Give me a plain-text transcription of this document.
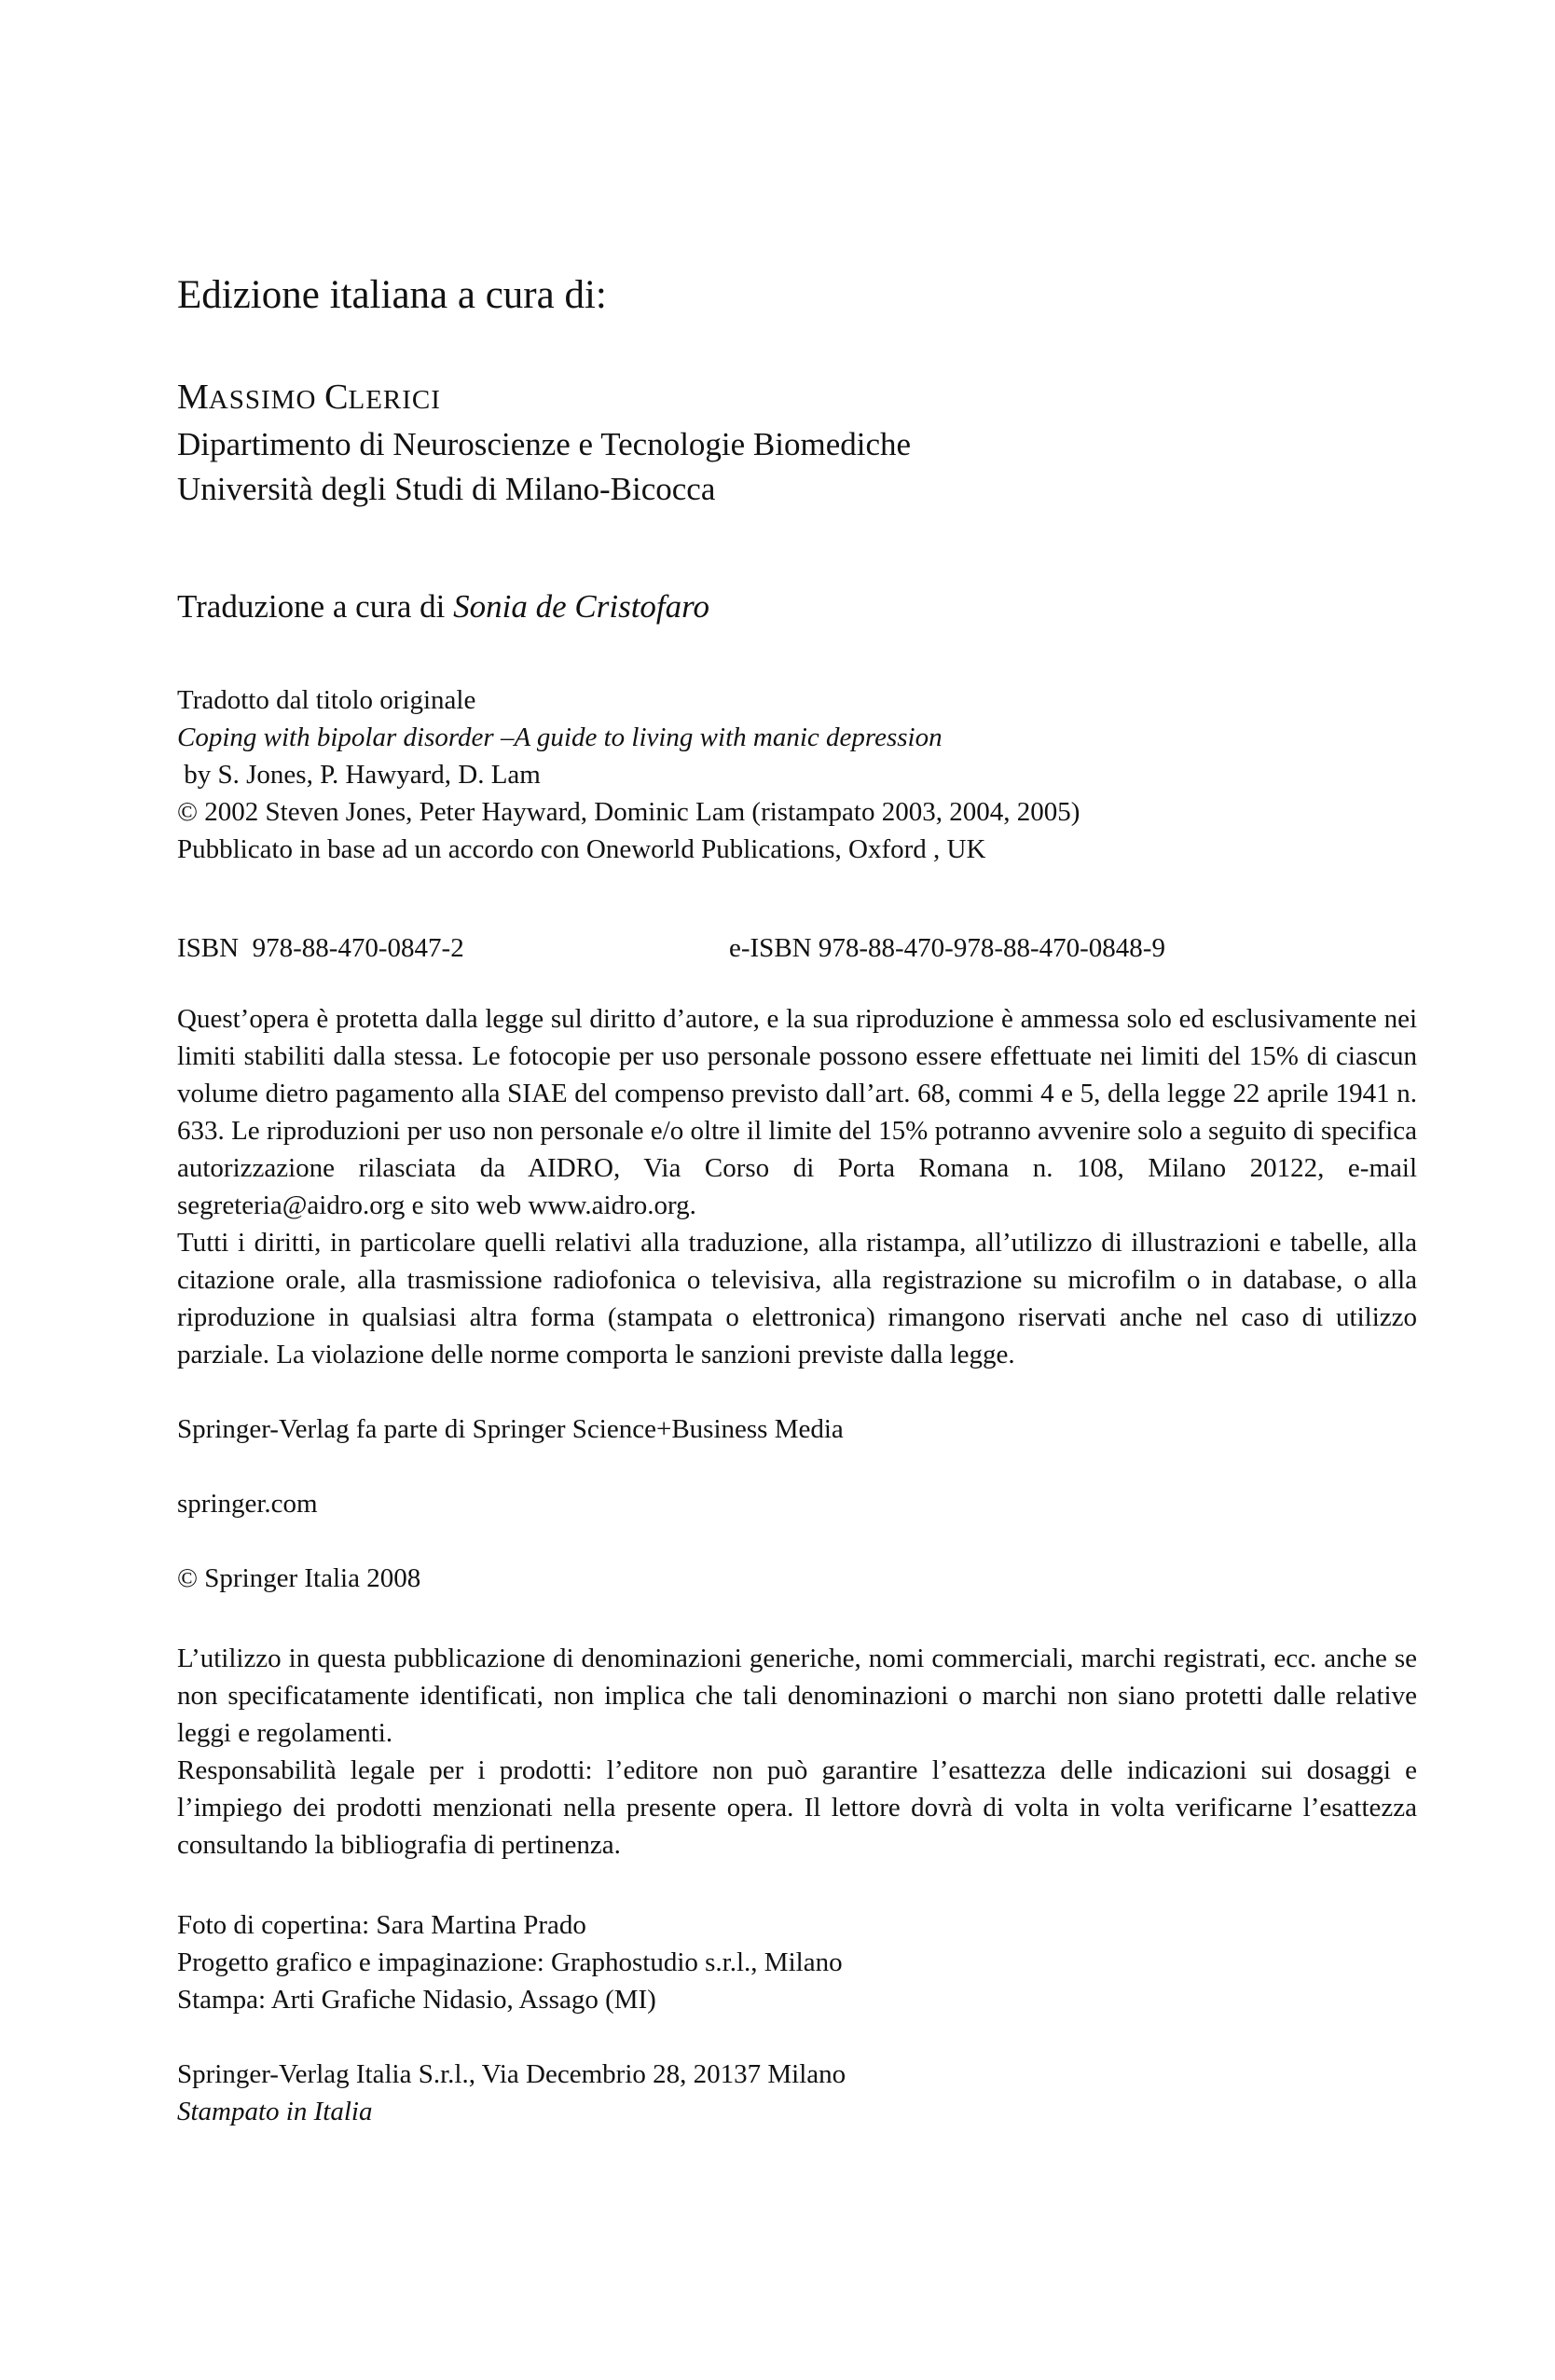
Edizione italiana a cura di:
MASSIMO CLERICI
Dipartimento di Neuroscienze e Tecnologie Biomediche
Università degli Studi di Milano-Bicocca
Traduzione a cura di Sonia de Cristofaro
Tradotto dal titolo originale
Coping with bipolar disorder –A guide to living with manic depression
by S. Jones, P. Hawyard, D. Lam
© 2002 Steven Jones, Peter Hayward, Dominic Lam (ristampato 2003, 2004, 2005)
Pubblicato in base ad un accordo con Oneworld Publications, Oxford , UK
ISBN  978-88-470-0847-2	e-ISBN 978-88-470-978-88-470-0848-9

Quest’opera è protetta dalla legge sul diritto d’autore, e la sua riproduzione è ammessa solo ed esclusivamente nei limiti stabiliti dalla stessa. Le fotocopie per uso personale possono essere effettuate nei limiti del 15% di ciascun volume dietro pagamento alla SIAE del compenso previsto dall’art. 68, commi 4 e 5, della legge 22 aprile 1941 n. 633. Le riproduzioni per uso non personale e/o oltre il limite del 15% potranno avvenire solo a seguito di specifica autorizzazione rilasciata da AIDRO, Via Corso di Porta Romana n. 108, Milano 20122, e-mail segreteria@aidro.org e sito web www.aidro.org.

Tutti i diritti, in particolare quelli relativi alla traduzione, alla ristampa, all’utilizzo di illustrazioni e tabelle, alla citazione orale, alla trasmissione radiofonica o televisiva, alla registrazione su microfilm o in database, o alla riproduzione in qualsiasi altra forma (stampata o elettronica) rimangono riservati anche nel caso di utilizzo parziale. La violazione delle norme comporta le sanzioni previste dalla legge.

Springer-Verlag fa parte di Springer Science+Business Media
springer.com
© Springer Italia 2008

L’utilizzo in questa pubblicazione di denominazioni generiche, nomi commerciali, marchi registrati, ecc. anche se non specificatamente identificati, non implica che tali denominazioni o marchi non siano protetti dalle relative leggi e regolamenti.

Responsabilità legale per i prodotti: l’editore non può garantire l’esattezza delle indicazioni sui dosaggi e l’impiego dei prodotti menzionati nella presente opera. Il lettore dovrà di volta in volta verificarne l’esattezza consultando la bibliografia di pertinenza.

Foto di copertina: Sara Martina Prado
Progetto grafico e impaginazione: Graphostudio s.r.l., Milano
Stampa: Arti Grafiche Nidasio, Assago (MI)
Springer-Verlag Italia S.r.l., Via Decembrio 28, 20137 Milano
Stampato in Italia
